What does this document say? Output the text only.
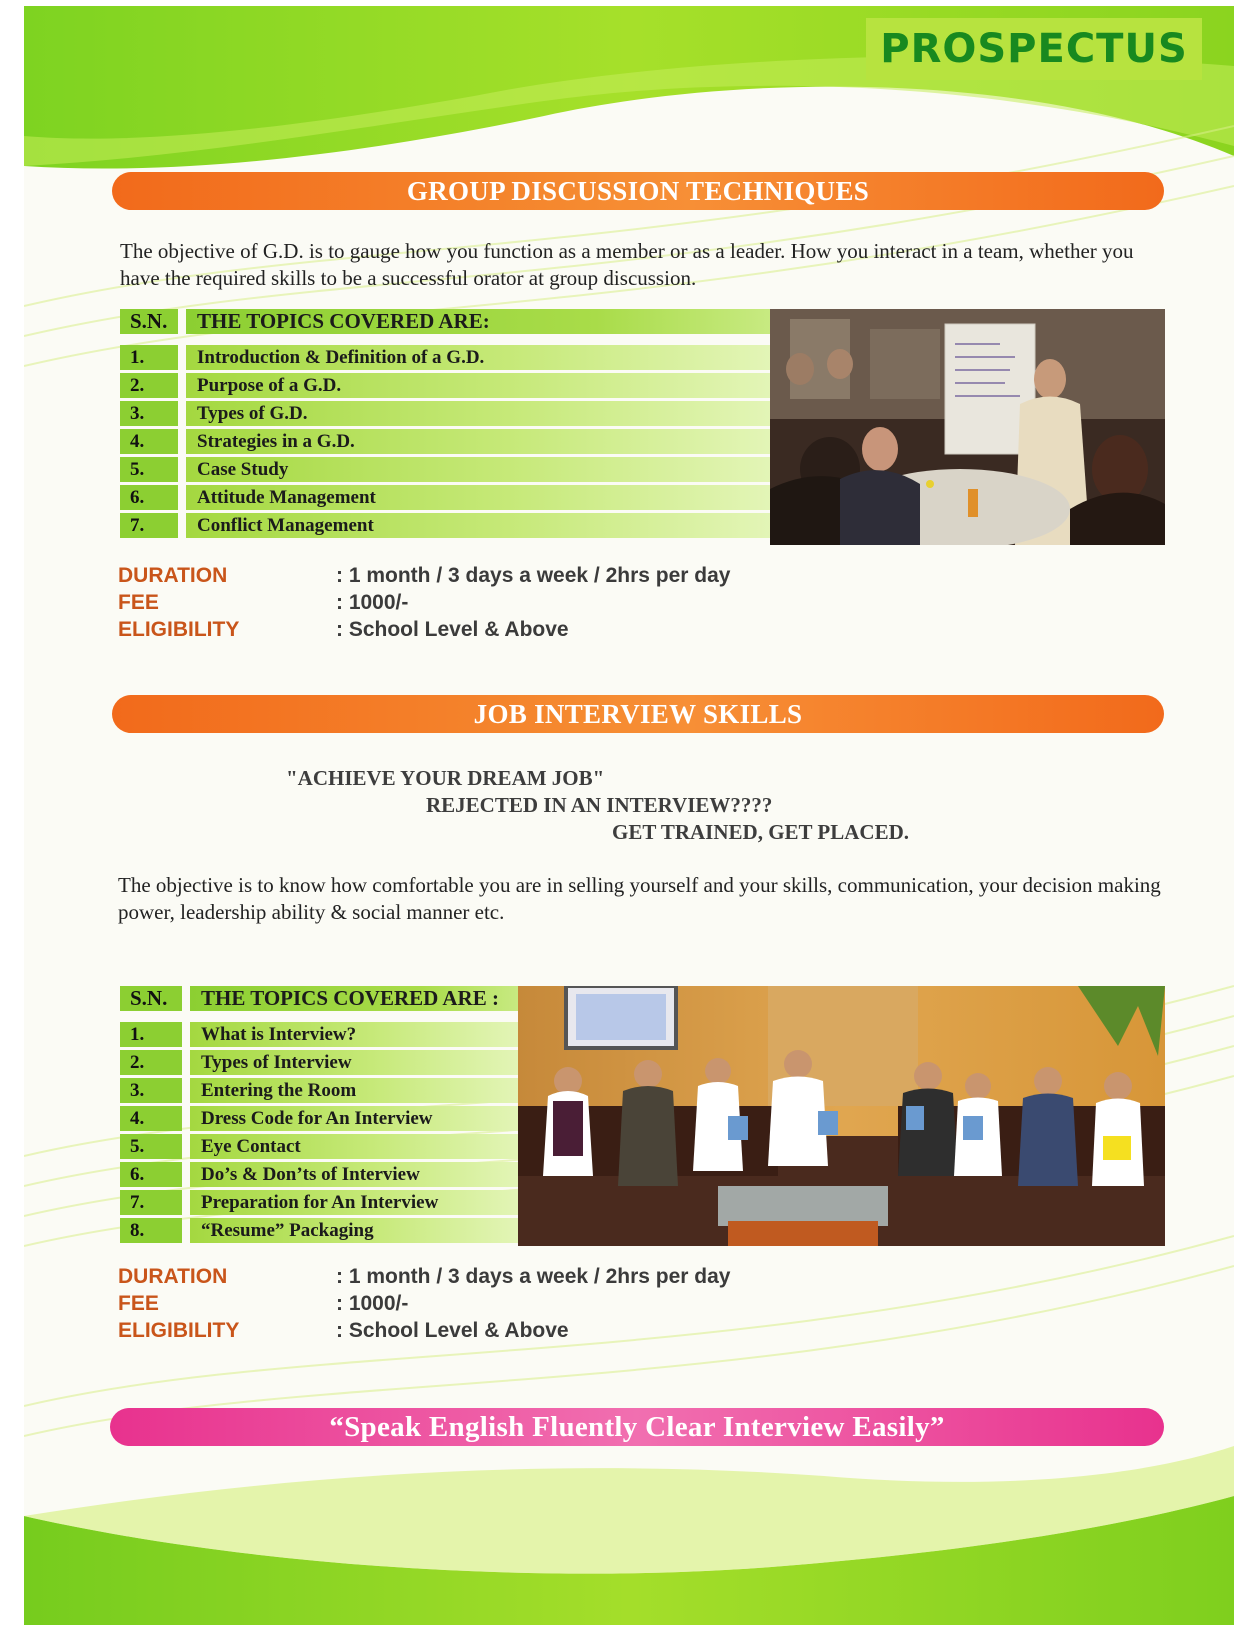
PROSPECTUS
GROUP DISCUSSION TECHNIQUES

The objective of G.D. is to gauge how you function as a member or as a leader. How you interact in a team, whether you have the required skills to be a successful orator at group discussion.

S.N.	THE TOPICS COVERED ARE:
1.	Introduction & Definition of a G.D.
2.	Purpose of a G.D.
3.	Types of G.D.
4.	Strategies in a G.D.
5.	Case Study
6.	Attitude Management
7.	Conflict Management
DURATION	: 1 month / 3 days a week / 2hrs per day
FEE	: 1000/-
ELIGIBILITY	: School Level & Above
JOB INTERVIEW SKILLS
"ACHIEVE YOUR DREAM JOB"
REJECTED IN AN INTERVIEW????
GET TRAINED, GET PLACED.

The objective is to know how comfortable you are in selling yourself and your skills, communication, your decision making power, leadership ability & social manner etc.

S.N.	THE TOPICS COVERED ARE :
1.	What is Interview?
2.	Types of Interview
3.	Entering the Room
4.	Dress Code for An Interview
5.	Eye Contact
6.	Do’s & Don’ts of Interview
7.	Preparation for An Interview
8.	“Resume” Packaging
DURATION	: 1 month / 3 days a week / 2hrs per day
FEE	: 1000/-
ELIGIBILITY	: School Level & Above
“Speak English Fluently Clear Interview Easily”
